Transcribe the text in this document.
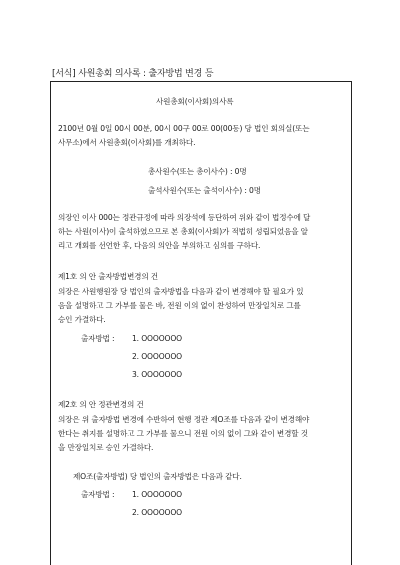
[서식] 사원총회 의사록 : 출자방법 변경 등
사원총회(이사회)의사록
2100년 0월 0일 00시 00분, 00시 00구 00로 00(00동) 당 법인 회의실(또는
사무소)에서 사원총회(이사회)를 개최하다.
총사원수(또는 총이사수) : 0명
출석사원수(또는 출석이사수) : 0명
의장인 이사 000는 정관규정에 따라 의장석에 등단하여 위와 같이 법정수에 달
하는 사원(이사)이 출석하였으므로 본 총회(이사회)가 적법히 성립되었음을 알
리고 개회를 선언한 후, 다음의 의안을 부의하고 심의를 구하다.
제1호 의 안 출자방법변경의 건
의장은 사원행원장 당 법인의 출자방법을 다음과 같이 변경해야 할 필요가 있
음을 설명하고 그 가부를 물은 바, 전원 이의 없이 찬성하여 만장일치로 그를
승인 가결하다.
출자방법 : 1. OOOOOOO
2. OOOOOOO
3. OOOOOOO
제2호 의 안 정관변경의 건
의장은 위 출자방법 변경에 수반하여 현행 정관 제O조를 다음과 같이 변경해야
한다는 취지를 설명하고 그 가부를 물으니 전원 이의 없이 그와 같이 변경할 것
을 만장일치로 승인 가결하다.
제O조(출자방법) 당 법인의 출자방법은 다음과 같다.
출자방법 : 1. OOOOOOO
2. OOOOOOO
